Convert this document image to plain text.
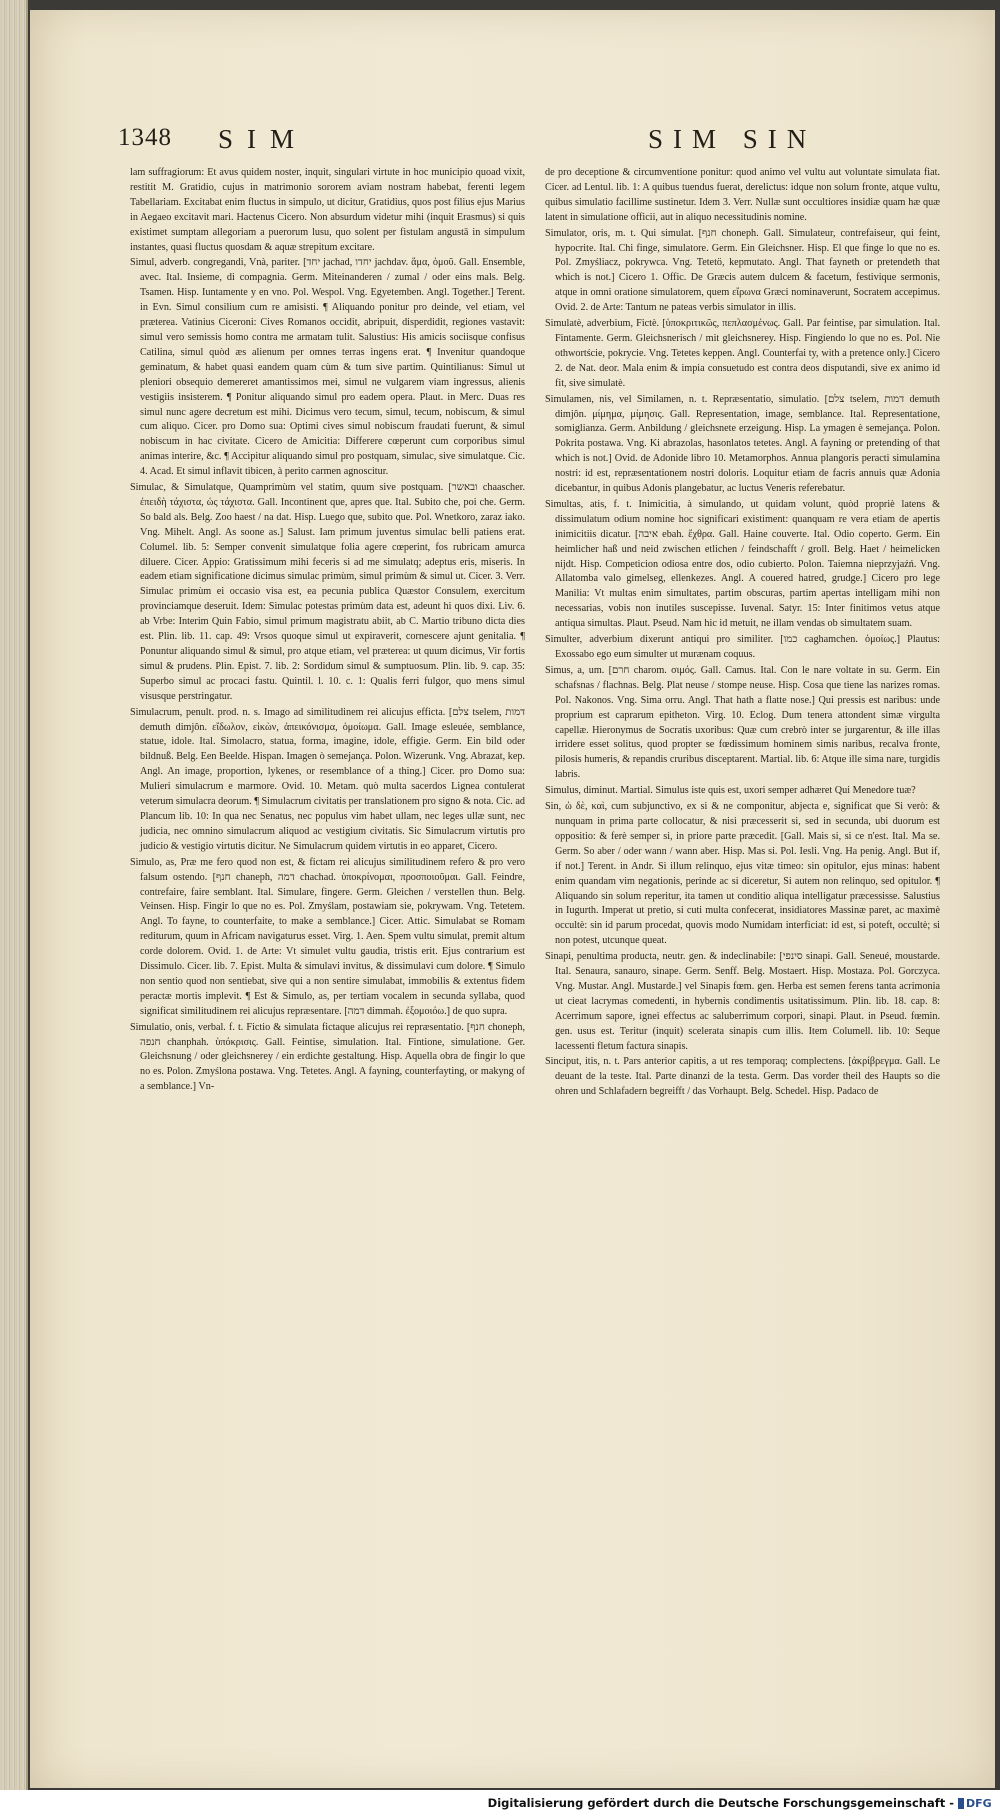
1348 SIM	SIM SIN

lam suffragiorum: Et avus quidem noster, inquit, singulari virtute in hoc municipio quoad vixit, restitit M. Gratidio, cujus in matrimonio sororem aviam nostram habebat, ferenti legem Tabellariam. Excitabat enim fluctus in simpulo, ut dicitur, Gratidius, quos post filius ejus Marius in Aegaeo excitavit mari. Hactenus Cicero. Non absurdum videtur mihi (inquit Erasmus) si quis existimet sumptam allegoriam a puerorum lusu, quo solent per fistulam angustā in simpulum instantes, quasi fluctus quosdam & aquæ strepitum excitare.

Simul, adverb. congregandi, Vnà, pariter. [יחד jachad, יחדו jachdav. ἅμα, ὁμοῦ. Gall. Ensemble, avec. Ital. Insieme, di compagnia. Germ. Miteinanderen / zumal / oder eins mals. Belg. Tsamen. Hisp. Iuntamente y en vno. Pol. Wespol. Vng. Egyetemben. Angl. Together.] Terent. in Evn. Simul consilium cum re amisisti. ¶ Aliquando ponitur pro deinde, vel etiam, vel præterea. Vatinius Ciceroni: Cives Romanos occidit, abripuit, disperdidit, regiones vastavit: simul vero semissis homo contra me armatam tulit. Salustius: His amicis sociisque confisus Catilina, simul quòd æs alienum per omnes terras ingens erat. ¶ Invenitur quandoque geminatum, & habet quasi eandem quam cùm & tum sive partim. Quintilianus: Simul ut pleniori obsequio demereret amantissimos mei, simul ne vulgarem viam ingressus, alienis vestigiis insisterem. ¶ Ponitur aliquando simul pro eadem opera. Plaut. in Merc. Duas res simul nunc agere decretum est mihi. Dicimus vero tecum, simul, tecum, nobiscum, & simul cum aliquo. Cicer. pro Domo sua: Optimi cives simul nobiscum fraudati fuerunt, & simul nobiscum in hac civitate. Cicero de Amicitia: Differere cœperunt cum corporibus simul animas interire, &c. ¶ Accipitur aliquando simul pro postquam, simulac, sive simulatque. Cic. 4. Acad. Et simul inflavit tibicen, à perito carmen agnoscitur.

Simulac, & Simulatque, Quamprimùm vel statim, quum sive postquam. [ובאשר chaascher. ἐπειδὴ τάχιστα, ὡς τάχιστα. Gall. Incontinent que, apres que. Ital. Subito che, poi che. Germ. So bald als. Belg. Zoo haest / na dat. Hisp. Luego que, subito que. Pol. Wnetkoro, zaraz iako. Vng. Mihelt. Angl. As soone as.] Salust. Iam primum juventus simulac belli patiens erat. Columel. lib. 5: Semper convenit simulatque folia agere cœperint, fos rubricam amurca diluere. Cicer. Appio: Gratissimum mihi feceris si ad me simulatq; adeptus eris, miseris. In eadem etiam significatione dicimus simulac primùm, simul primùm & simul ut. Cicer. 3. Verr. Simulac primùm ei occasio visa est, ea pecunia publica Quæstor Consulem, exercitum provinciamque deseruit. Idem: Simulac potestas primùm data est, adeunt hi quos dixi. Liv. 6. ab Vrbe: Interim Quin Fabio, simul primum magistratu abiit, ab C. Martio tribuno dicta dies est. Plin. lib. 11. cap. 49: Vrsos quoque simul ut expiraverit, cornescere ajunt genitalia. ¶ Ponuntur aliquando simul & simul, pro atque etiam, vel præterea: ut quum dicimus, Vir fortis simul & prudens. Plin. Epist. 7. lib. 2: Sordidum simul & sumptuosum. Plin. lib. 9. cap. 35: Superbo simul ac procaci fastu. Quintil. l. 10. c. 1: Qualis ferri fulgor, quo mens simul visusque perstringatur.

Simulacrum, penult. prod. n. s. Imago ad similitudinem rei alicujus efficta. [צלם tselem, דמות demuth dimjôn. εἴδωλον, εἰκὼν, ἀπεικόνισμα, ὁμοίωμα. Gall. Image esleuée, semblance, statue, idole. Ital. Simolacro, statua, forma, imagine, idole, effigie. Germ. Ein bild oder bildnuß. Belg. Een Beelde. Hispan. Imagen ò semejança. Polon. Wizerunk. Vng. Abrazat, kep. Angl. An image, proportion, lykenes, or resemblance of a thing.] Cicer. pro Domo sua: Mulieri simulacrum e marmore. Ovid. 10. Metam. quò multa sacerdos Lignea contulerat veterum simulacra deorum. ¶ Simulacrum civitatis per translationem pro signo & nota. Cic. ad Plancum lib. 10: In qua nec Senatus, nec populus vim habet ullam, nec leges ullæ sunt, nec judicia, nec omnino simulacrum aliquod ac vestigium civitatis. Sic Simulacrum virtutis pro judicio & vestigio virtutis dicitur. Ne Simulacrum quidem virtutis in eo apparet, Cicero.

Simulo, as, Præ me fero quod non est, & fictam rei alicujus similitudinem refero & pro vero falsum ostendo. [חנף chaneph, דמה chachad. ὑποκρίνομαι, προσποιοῦμαι. Gall. Feindre, contrefaire, faire semblant. Ital. Simulare, fingere. Germ. Gleichen / verstellen thun. Belg. Veinsen. Hisp. Fingir lo que no es. Pol. Zmyślam, postawiam sie, pokrywam. Vng. Tetetem. Angl. To fayne, to counterfaite, to make a semblance.] Cicer. Attic. Simulabat se Romam rediturum, quum in Africam navigaturus esset. Virg. 1. Aen. Spem vultu simulat, premit altum corde dolorem. Ovid. 1. de Arte: Vt simulet vultu gaudia, tristis erit. Ejus contrarium est Dissimulo. Cicer. lib. 7. Epist. Multa & simulavi invitus, & dissimulavi cum dolore. ¶ Simulo non sentio quod non sentiebat, sive qui a non sentire simulabat, immobilis & extentus fidem peractæ mortis implevit. ¶ Est & Simulo, as, per tertiam vocalem in secunda syllaba, quod significat similitudinem rei alicujus repræsentare. [דמה dimmah. ἐξομοιόω.] de quo supra.

Simulatio, onis, verbal. f. t. Fictio & simulata fictaque alicujus rei repræsentatio. [חנף choneph, חנפה chanphah. ὑπόκρισις. Gall. Feintise, simulation. Ital. Fintione, simulatione. Ger. Gleichsnung / oder gleichsnerey / ein erdichte gestaltung. Hisp. Aquella obra de fingir lo que no es. Polon. Zmyślona postawa. Vng. Tetetes. Angl. A fayning, counterfayting, or makyng of a semblance.] Vn-

de pro deceptione & circumventione ponitur: quod animo vel vultu aut voluntate simulata fiat. Cicer. ad Lentul. lib. 1: A quibus tuendus fuerat, derelictus: idque non solum fronte, atque vultu, quibus simulatio facillime sustinetur. Idem 3. Verr. Nullæ sunt occultiores insidiæ quam hæ quæ latent in simulatione officii, aut in aliquo necessitudinis nomine.

Simulator, oris, m. t. Qui simulat. [חנף choneph. Gall. Simulateur, contrefaiseur, qui feint, hypocrite. Ital. Chi finge, simulatore. Germ. Ein Gleichsner. Hisp. El que finge lo que no es. Pol. Zmyśliacz, pokrywca. Vng. Tetetö, kepmutato. Angl. That fayneth or pretendeth that which is not.] Cicero 1. Offic. De Græcis autem dulcem & facetum, festivique sermonis, atque in omni oratione simulatorem, quem εἴρωνα Græci nominaverunt, Socratem accepimus. Ovid. 2. de Arte: Tantum ne pateas verbis simulator in illis.

Simulatè, adverbium, Fictè. [ὑποκριτικῶς, πεπλασμένως. Gall. Par feintise, par simulation. Ital. Fintamente. Germ. Gleichsnerisch / mit gleichsnerey. Hisp. Fingiendo lo que no es. Pol. Nie othwortście, pokrycie. Vng. Tetetes keppen. Angl. Counterfai ty, with a pretence only.] Cicero 2. de Nat. deor. Mala enim & impia consuetudo est contra deos disputandi, sive ex animo id fit, sive simulatè.

Simulamen, nis, vel Similamen, n. t. Repræsentatio, simulatio. [צלם tselem, דמות demuth dimjôn. μίμημα, μίμησις. Gall. Representation, image, semblance. Ital. Representatione, somiglianza. Germ. Anbildung / gleichsnete erzeigung. Hisp. La ymagen è semejança. Polon. Pokrita postawa. Vng. Ki abrazolas, hasonlatos tetetes. Angl. A fayning or pretending of that which is not.] Ovid. de Adonide libro 10. Metamorphos. Annua plangoris peracti simulamina nostri: id est, repræsentationem nostri doloris. Loquitur etiam de facris annuis quæ Adonia dicebantur, in quibus Adonis plangebatur, ac luctus Veneris referebatur.

Simultas, atis, f. t. Inimicitia, à simulando, ut quidam volunt, quòd propriè latens & dissimulatum odium nomine hoc significari existiment: quanquam re vera etiam de apertis inimicitiis dicatur. [איבה ebah. ἔχθρα. Gall. Haine couverte. Ital. Odio coperto. Germ. Ein heimlicher haß und neid zwischen etlichen / feindschafft / groll. Belg. Haet / heimelicken nijdt. Hisp. Competicion odiosa entre dos, odio cubierto. Polon. Taiemna nieprzyjaźń. Vng. Allatomba valo gimelseg, ellenkezes. Angl. A couered hatred, grudge.] Cicero pro lege Manilia: Vt multas enim simultates, partim obscuras, partim apertas intelligam mihi non necessarias, vobis non inutiles suscepisse. Iuvenal. Satyr. 15: Inter finitimos vetus atque antiqua simultas. Plaut. Pseud. Nam hic id metuit, ne illam vendas ob simultatem suam.

Simulter, adverbium dixerunt antiqui pro similiter. [כמו caghamchen. ὁμοίως.] Plautus: Exossabo ego eum simulter ut murænam coquus.

Simus, a, um. [חרם charom. σιμός. Gall. Camus. Ital. Con le nare voltate in su. Germ. Ein schafsnas / flachnas. Belg. Plat neuse / stompe neuse. Hisp. Cosa que tiene las narizes romas. Pol. Nakonos. Vng. Sima orru. Angl. That hath a flatte nose.] Qui pressis est naribus: unde proprium est caprarum epitheton. Virg. 10. Eclog. Dum tenera attondent simæ virgulta capellæ. Hieronymus de Socratis uxoribus: Quæ cum crebrò inter se jurgarentur, & ille illas irridere esset solitus, quod propter se fœdissimum hominem simis naribus, recalva fronte, pilosis humeris, & repandis cruribus disceptarent. Martial. lib. 6: Atque ille sima nare, turgidis labris.

Simulus, diminut. Martial. Simulus iste quis est, uxori semper adhæret Qui Menedore tuæ?

Sin, ὡ δὲ, καὶ, cum subjunctivo, ex si & ne componitur, abjecta e, significat que Si verò: & nunquam in prima parte collocatur, & nisi præcesserit si, sed in secunda, ubi duorum est oppositio: & ferè semper si, in priore parte præcedit. [Gall. Mais si, si ce n'est. Ital. Ma se. Germ. So aber / oder wann / wann aber. Hisp. Mas si. Pol. Iesli. Vng. Ha penig. Angl. But if, if not.] Terent. in Andr. Si illum relinquo, ejus vitæ timeo: sin opitulor, ejus minas: habent enim quandam vim negationis, perinde ac si diceretur, Si autem non relinquo, sed opitulor. ¶ Aliquando sin solum reperitur, ita tamen ut conditio aliqua intelligatur præcessisse. Salustius in Iugurth. Imperat ut pretio, si cuti multa confecerat, insidiatores Massinæ paret, ac maximè occultè: sin id parum procedat, quovis modo Numidam interficiat: id est, si poteft, occultè; si non potest, utcunque queat.

Sinapi, penultima producta, neutr. gen. & indeclinabile: [סינפי sinapi. Gall. Seneué, moustarde. Ital. Senaura, sanauro, sinape. Germ. Senff. Belg. Mostaert. Hisp. Mostaza. Pol. Gorczyca. Vng. Mustar. Angl. Mustarde.] vel Sinapis fœm. gen. Herba est semen ferens tanta acrimonia ut cieat lacrymas comedenti, in hybernis condimentis usitatissimum. Plin. lib. 18. cap. 8: Acerrimum sapore, ignei effectus ac saluberrimum corpori, sinapi. Plaut. in Pseud. fœmin. gen. usus est. Teritur (inquit) scelerata sinapis cum illis. Item Columell. lib. 10: Seque lacessenti fletum factura sinapis.

Sinciput, itis, n. t. Pars anterior capitis, a ut res temporaq; complectens. [ἀκρίβρεγμα. Gall. Le deuant de la teste. Ital. Parte dinanzi de la testa. Germ. Das vorder theil des Haupts so die ohren und Schlafadern begreifft / das Vorhaupt. Belg. Schedel. Hisp. Padaco de

Digitalisierung gefördert durch die Deutsche Forschungsgemeinschaft - DFG
